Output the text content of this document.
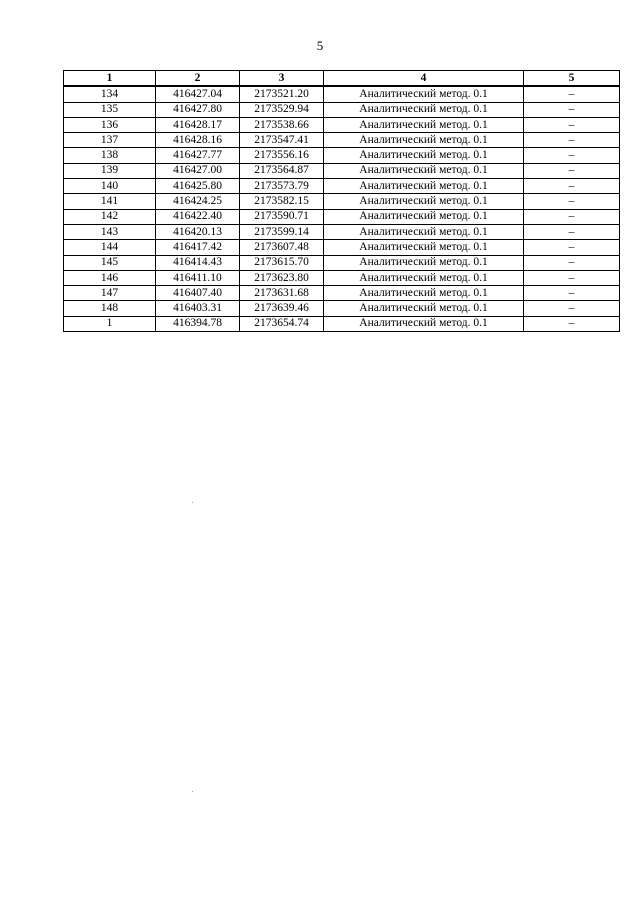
5
1	2	3	4	5
134	416427.04	2173521.20	Аналитический метод. 0.1	–
135	416427.80	2173529.94	Аналитический метод. 0.1	–
136	416428.17	2173538.66	Аналитический метод. 0.1	–
137	416428.16	2173547.41	Аналитический метод. 0.1	–
138	416427.77	2173556.16	Аналитический метод. 0.1	–
139	416427.00	2173564.87	Аналитический метод. 0.1	–
140	416425.80	2173573.79	Аналитический метод. 0.1	–
141	416424.25	2173582.15	Аналитический метод. 0.1	–
142	416422.40	2173590.71	Аналитический метод. 0.1	–
143	416420.13	2173599.14	Аналитический метод. 0.1	–
144	416417.42	2173607.48	Аналитический метод. 0.1	–
145	416414.43	2173615.70	Аналитический метод. 0.1	–
146	416411.10	2173623.80	Аналитический метод. 0.1	–
147	416407.40	2173631.68	Аналитический метод. 0.1	–
148	416403.31	2173639.46	Аналитический метод. 0.1	–
1	416394.78	2173654.74	Аналитический метод. 0.1	–
